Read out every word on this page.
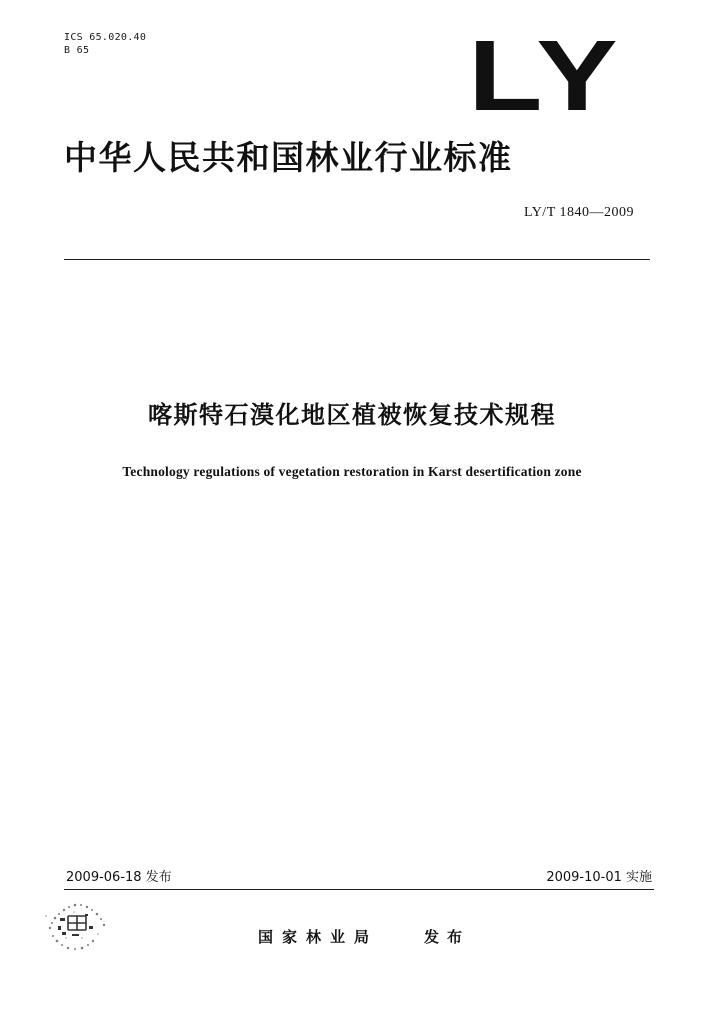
ICS 65.020.40
B 65	LY
中华人民共和国林业行业标准
LY/T 1840—2009
喀斯特石漠化地区植被恢复技术规程
Technology regulations of vegetation restoration in Karst desertification zone
2009-06-18 发布	2009-10-01 实施
国家林业局	发布
